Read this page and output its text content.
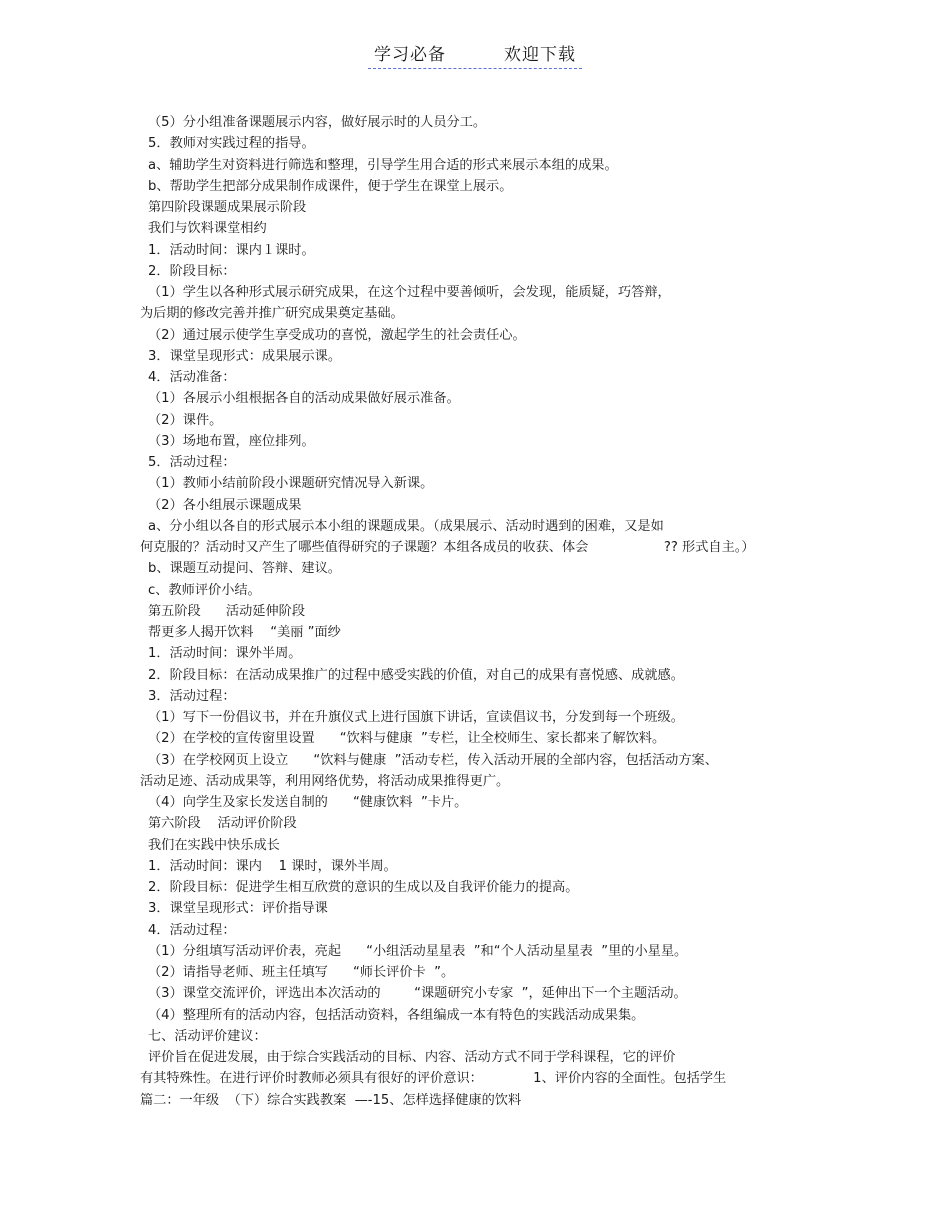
学习必备	欢迎下载
（5）分小组准备课题展示内容，做好展示时的人员分工。
5．教师对实践过程的指导。
a、辅助学生对资料进行筛选和整理，引导学生用合适的形式来展示本组的成果。
b、帮助学生把部分成果制作成课件，便于学生在课堂上展示。
第四阶段课题成果展示阶段
我们与饮料课堂相约
1．活动时间：课内１课时。
2．阶段目标：
（1）学生以各种形式展示研究成果，在这个过程中要善倾听，会发现，能质疑，巧答辩，
为后期的修改完善并推广研究成果奠定基础。
（2）通过展示使学生享受成功的喜悦，激起学生的社会责任心。
3．课堂呈现形式：成果展示课。
4．活动准备：
（1）各展示小组根据各自的活动成果做好展示准备。
（2）课件。
（3）场地布置，座位排列。
5．活动过程：
（1）教师小结前阶段小课题研究情况导入新课。
（2）各小组展示课题成果
a、分小组以各自的形式展示本小组的课题成果。（成果展示、活动时遇到的困难，又是如
何克服的？活动时又产生了哪些值得研究的子课题？本组各成员的收获、体会                  ?? 形式自主。）
b、课题互动提问、答辩、建议。
c、教师评价小结。
第五阶段      活动延伸阶段
帮更多人揭开饮料    “美丽 ”面纱
1．活动时间：课外半周。
2．阶段目标：在活动成果推广的过程中感受实践的价值，对自己的成果有喜悦感、成就感。
3．活动过程：
（1）写下一份倡议书，并在升旗仪式上进行国旗下讲话，宣读倡议书，分发到每一个班级。
（2）在学校的宣传窗里设置      “饮料与健康  ”专栏，让全校师生、家长都来了解饮料。
（3）在学校网页上设立      “饮料与健康  ”活动专栏，传入活动开展的全部内容，包括活动方案、
活动足迹、活动成果等，利用网络优势，将活动成果推得更广。
（4）向学生及家长发送自制的      “健康饮料  ”卡片。
第六阶段    活动评价阶段
我们在实践中快乐成长
1．活动时间：课内    1 课时，课外半周。
2．阶段目标：促进学生相互欣赏的意识的生成以及自我评价能力的提高。
3．课堂呈现形式：评价指导课
4．活动过程：
（1）分组填写活动评价表，亮起      “小组活动星星表  ”和“个人活动星星表  ”里的小星星。
（2）请指导老师、班主任填写      “师长评价卡  ”。
（3）课堂交流评价，评选出本次活动的        “课题研究小专家  ”，延伸出下一个主题活动。
（4）整理所有的活动内容，包括活动资料，各组编成一本有特色的实践活动成果集。
七、活动评价建议：
评价旨在促进发展，由于综合实践活动的目标、内容、活动方式不同于学科课程，它的评价
有其特殊性。在进行评价时教师必须具有很好的评价意识：            1、评价内容的全面性。包括学生
篇二：一年级  （下）综合实践教案  —-15、怎样选择健康的饮料
